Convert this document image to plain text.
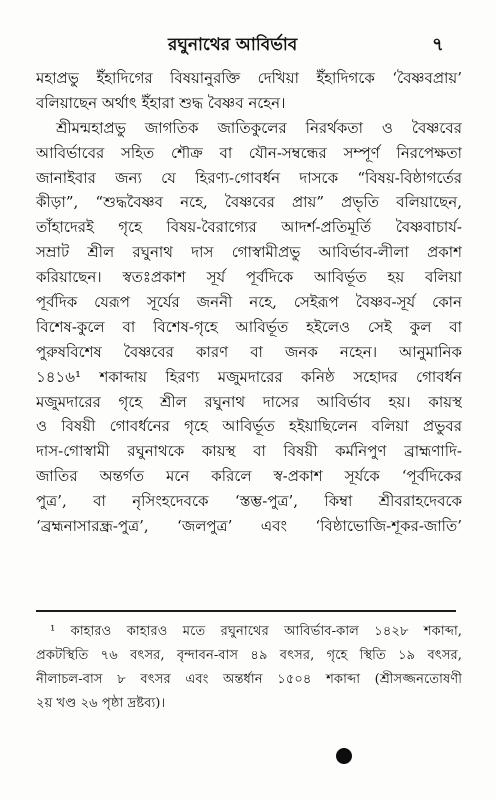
রঘুনাথের আবির্ভাব	৭
মহাপ্রভু ইঁহাদিগের বিষয়ানুরক্তি দেখিয়া ইঁহাদিগকে ‘বৈষ্ণবপ্রায়’
বলিয়াছেন অর্থাৎ ইঁহারা শুদ্ধ বৈষ্ণব নহেন।
শ্রীমন্মহাপ্রভু জাগতিক জাতিকুলের নিরর্থকতা ও বৈষ্ণবের
আবির্ভাবের সহিত শৌক্র বা যৌন-সম্বন্ধের সম্পূর্ণ নিরপেক্ষতা
জানাইবার জন্য যে হিরণ্য-গোবর্ধন দাসকে “বিষয়-বিষ্ঠাগর্তের
কীড়া”, “শুদ্ধবৈষ্ণব নহে, বৈষ্ণবের প্রায়” প্রভৃতি বলিয়াছেন,
তাঁহাদেরই গৃহে বিষয়-বৈরাগ্যের আদর্শ-প্রতিমূর্তি বৈষ্ণবাচার্য-
সম্রাট শ্রীল রঘুনাথ দাস গোস্বামীপ্রভু আবির্ভাব-লীলা প্রকাশ
করিয়াছেন। স্বতঃপ্রকাশ সূর্য পূর্বদিকে আবির্ভূত হয় বলিয়া
পূর্বদিক যেরূপ সূর্যের জননী নহে, সেইরূপ বৈষ্ণব-সূর্য কোন
বিশেষ-কুলে বা বিশেষ-গৃহে আবির্ভূত হইলেও সেই কুল বা
পুরুষবিশেষ বৈষ্ণবের কারণ বা জনক নহেন। আনুমানিক
১৪১৬¹ শকাব্দায় হিরণ্য মজুমদারের কনিষ্ঠ সহোদর গোবর্ধন
মজুমদারের গৃহে শ্রীল রঘুনাথ দাসের আবির্ভাব হয়। কায়স্থ
ও বিষয়ী গোবর্ধনের গৃহে আবির্ভূত হইয়াছিলেন বলিয়া প্রভুবর
দাস-গোস্বামী রঘুনাথকে কায়স্থ বা বিষয়ী কর্মনিপুণ ব্রাহ্মণাদি-
জাতির অন্তর্গত মনে করিলে স্ব-প্রকাশ সূর্যকে ‘পূর্বদিকের
পুত্র’, বা নৃসিংহদেবকে ‘স্তম্ভ-পুত্র’, কিম্বা শ্রীবরাহদেবকে
‘ব্রহ্মনাসারন্ধ্র-পুত্র’, ‘জলপুত্র’ এবং ‘বিষ্ঠাভোজি-শূকর-জাতি’
¹ কাহারও কাহারও মতে রঘুনাথের আবির্ভাব-কাল ১৪২৮ শকাব্দা,
প্রকটস্থিতি ৭৬ বৎসর, বৃন্দাবন-বাস ৪৯ বৎসর, গৃহে স্থিতি ১৯ বৎসর,
নীলাচল-বাস ৮ বৎসর এবং অন্তর্ধান ১৫০৪ শকাব্দা (শ্রীসজ্জনতোষণী
২য় খণ্ড ২৬ পৃষ্ঠা দ্রষ্টব্য)।
